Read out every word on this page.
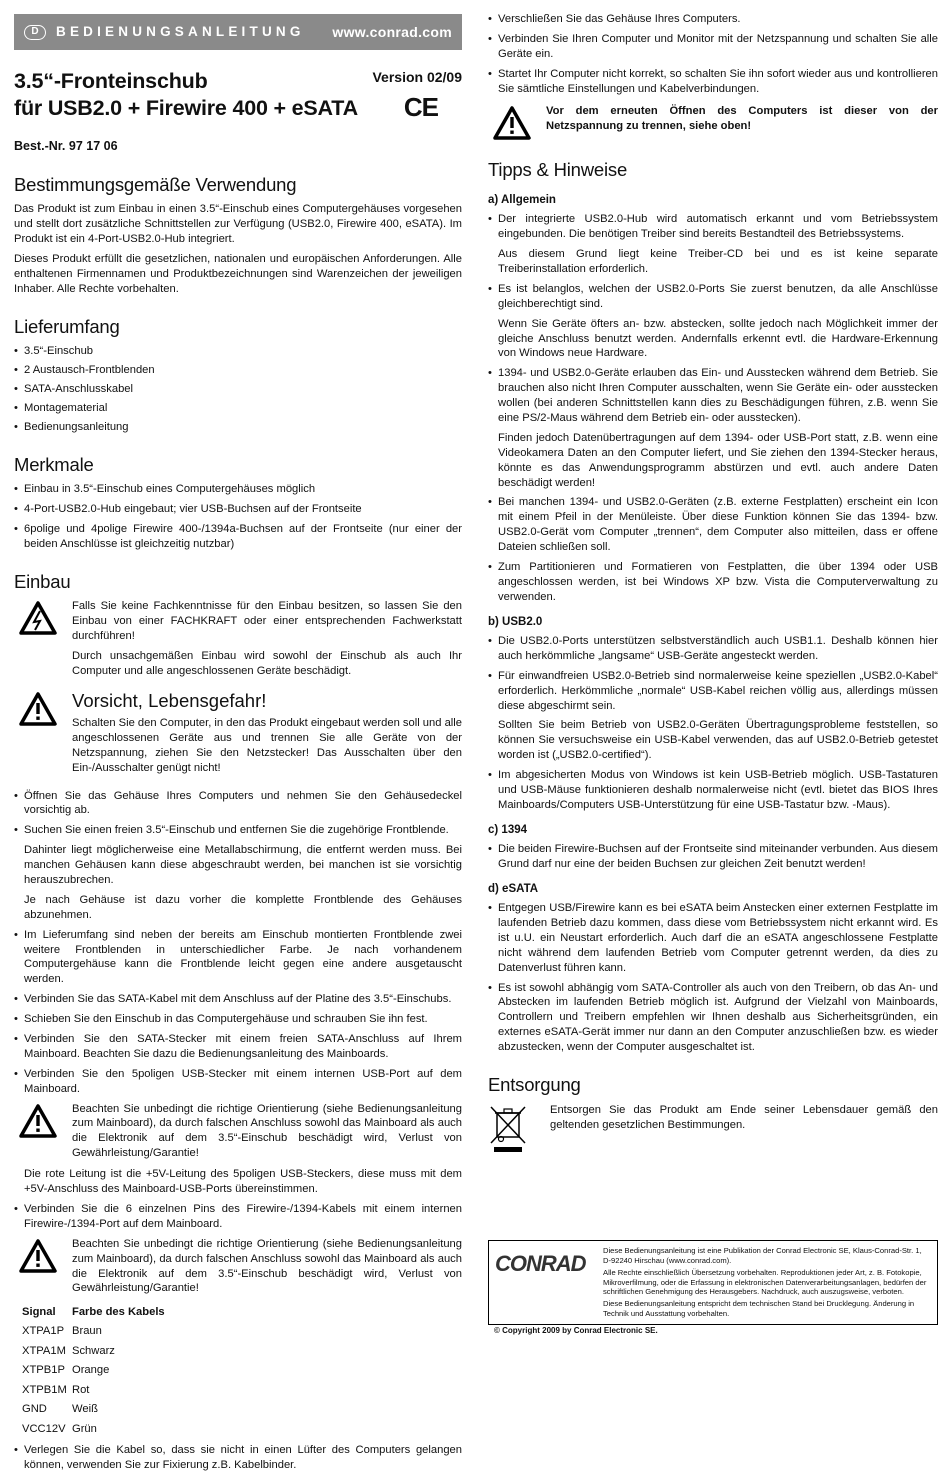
D	BEDIENUNGSANLEITUNG www.conrad.com
3.5“-Fronteinschub
für USB2.0 + Firewire 400 + eSATA
Version 02/09
CE
Best.-Nr. 97 17 06
Bestimmungsgemäße Verwendung

Das Produkt ist zum Einbau in einen 3.5“-Einschub eines Computergehäuses vorgesehen und stellt dort zusätzliche Schnittstellen zur Verfügung (USB2.0, Firewire 400, eSATA). Im Produkt ist ein 4-Port-USB2.0-Hub integriert.

Dieses Produkt erfüllt die gesetzlichen, nationalen und europäischen Anforderungen. Alle enthaltenen Firmennamen und Produktbezeichnungen sind Warenzeichen der jeweiligen Inhaber. Alle Rechte vorbehalten.

Lieferumfang
• 3.5“-Einschub
• 2 Austausch-Frontblenden
• SATA-Anschlusskabel
• Montagematerial
• Bedienungsanleitung
Merkmale
• Einbau in 3.5“-Einschub eines Computergehäuses möglich
• 4-Port-USB2.0-Hub eingebaut; vier USB-Buchsen auf der Frontseite
• 6polige und 4polige Firewire 400-/1394a-Buchsen auf der Frontseite (nur einer der beiden Anschlüsse ist gleichzeitig nutzbar)
Einbau

Falls Sie keine Fachkenntnisse für den Einbau besitzen, so lassen Sie den Einbau von einer FACHKRAFT oder einer entsprechenden Fachwerkstatt durchführen!

Durch unsachgemäßen Einbau wird sowohl der Einschub als auch Ihr Computer und alle angeschlossenen Geräte beschädigt.

Vorsicht, Lebensgefahr!

Schalten Sie den Computer, in den das Produkt eingebaut werden soll und alle angeschlossenen Geräte aus und trennen Sie alle Geräte von der Netzspannung, ziehen Sie den Netzstecker! Das Ausschalten über den Ein-/Ausschalter genügt nicht!

• Öffnen Sie das Gehäuse Ihres Computers und nehmen Sie den Gehäusedeckel vorsichtig ab.
• Suchen Sie einen freien 3.5“-Einschub und entfernen Sie die zugehörige Frontblende.
Dahinter liegt möglicherweise eine Metallabschirmung, die entfernt werden muss. Bei manchen Gehäusen kann diese abgeschraubt werden, bei manchen ist sie vorsichtig herauszubrechen.
Je nach Gehäuse ist dazu vorher die komplette Frontblende des Gehäuses abzunehmen.
• Im Lieferumfang sind neben der bereits am Einschub montierten Frontblende zwei weitere Frontblenden in unterschiedlicher Farbe. Je nach vorhandenem Computergehäuse kann die Frontblende leicht gegen eine andere ausgetauscht werden.
• Verbinden Sie das SATA-Kabel mit dem Anschluss auf der Platine des 3.5“-Einschubs.
• Schieben Sie den Einschub in das Computergehäuse und schrauben Sie ihn fest.
• Verbinden Sie den SATA-Stecker mit einem freien SATA-Anschluss auf Ihrem Mainboard. Beachten Sie dazu die Bedienungsanleitung des Mainboards.
• Verbinden Sie den 5poligen USB-Stecker mit einem internen USB-Port auf dem Mainboard.
Beachten Sie unbedingt die richtige Orientierung (siehe Bedienungsanleitung zum Mainboard), da durch falschen Anschluss sowohl das Mainboard als auch die Elektronik auf dem 3.5“-Einschub beschädigt wird, Verlust von Gewährleistung/Garantie!
Die rote Leitung ist die +5V-Leitung des 5poligen USB-Steckers, diese muss mit dem +5V-Anschluss des Mainboard-USB-Ports übereinstimmen.
• Verbinden Sie die 6 einzelnen Pins des Firewire-/1394-Kabels mit einem internen Firewire-/1394-Port auf dem Mainboard.
Beachten Sie unbedingt die richtige Orientierung (siehe Bedienungsanleitung zum Mainboard), da durch falschen Anschluss sowohl das Mainboard als auch die Elektronik auf dem 3.5“-Einschub beschädigt wird, Verlust von Gewährleistung/Garantie!
Signal	Farbe des Kabels
XTPA1P	Braun
XTPA1M	Schwarz
XTPB1P	Orange
XTPB1M	Rot
GND	Weiß
VCC12V	Grün
• Verlegen Sie die Kabel so, dass sie nicht in einen Lüfter des Computers gelangen können, verwenden Sie zur Fixierung z.B. Kabelbinder.
• Verschließen Sie das Gehäuse Ihres Computers.
• Verbinden Sie Ihren Computer und Monitor mit der Netzspannung und schalten Sie alle Geräte ein.
• Startet Ihr Computer nicht korrekt, so schalten Sie ihn sofort wieder aus und kontrollieren Sie sämtliche Einstellungen und Kabelverbindungen.
Vor dem erneuten Öffnen des Computers ist dieser von der Netzspannung zu trennen, siehe oben!
Tipps & Hinweise
a) Allgemein
• Der integrierte USB2.0-Hub wird automatisch erkannt und vom Betriebssystem eingebunden. Die benötigen Treiber sind bereits Bestandteil des Betriebssystems.
Aus diesem Grund liegt keine Treiber-CD bei und es ist keine separate Treiberinstallation erforderlich.
• Es ist belanglos, welchen der USB2.0-Ports Sie zuerst benutzen, da alle Anschlüsse gleichberechtigt sind.
Wenn Sie Geräte öfters an- bzw. abstecken, sollte jedoch nach Möglichkeit immer der gleiche Anschluss benutzt werden. Andernfalls erkennt evtl. die Hardware-Erkennung von Windows neue Hardware.
• 1394- und USB2.0-Geräte erlauben das Ein- und Ausstecken während dem Betrieb. Sie brauchen also nicht Ihren Computer ausschalten, wenn Sie Geräte ein- oder ausstecken wollen (bei anderen Schnittstellen kann dies zu Beschädigungen führen, z.B. wenn Sie eine PS/2-Maus während dem Betrieb ein- oder ausstecken).
Finden jedoch Datenübertragungen auf dem 1394- oder USB-Port statt, z.B. wenn eine Videokamera Daten an den Computer liefert, und Sie ziehen den 1394-Stecker heraus, könnte es das Anwendungsprogramm abstürzen und evtl. auch andere Daten beschädigt werden!
• Bei manchen 1394- und USB2.0-Geräten (z.B. externe Festplatten) erscheint ein Icon mit einem Pfeil in der Menüleiste. Über diese Funktion können Sie das 1394- bzw. USB2.0-Gerät vom Computer „trennen“, dem Computer also mitteilen, dass er offene Dateien schließen soll.
• Zum Partitionieren und Formatieren von Festplatten, die über 1394 oder USB angeschlossen werden, ist bei Windows XP bzw. Vista die Computerverwaltung zu verwenden.
b) USB2.0
• Die USB2.0-Ports unterstützen selbstverständlich auch USB1.1. Deshalb können hier auch herkömmliche „langsame“ USB-Geräte angesteckt werden.
• Für einwandfreien USB2.0-Betrieb sind normalerweise keine speziellen „USB2.0-Kabel“ erforderlich. Herkömmliche „normale“ USB-Kabel reichen völlig aus, allerdings müssen diese abgeschirmt sein.
Sollten Sie beim Betrieb von USB2.0-Geräten Übertragungsprobleme feststellen, so können Sie versuchsweise ein USB-Kabel verwenden, das auf USB2.0-Betrieb getestet worden ist („USB2.0-certified“).
• Im abgesicherten Modus von Windows ist kein USB-Betrieb möglich. USB-Tastaturen und USB-Mäuse funktionieren deshalb normalerweise nicht (evtl. bietet das BIOS Ihres Mainboards/Computers USB-Unterstützung für eine USB-Tastatur bzw. -Maus).
c) 1394
• Die beiden Firewire-Buchsen auf der Frontseite sind miteinander verbunden. Aus diesem Grund darf nur eine der beiden Buchsen zur gleichen Zeit benutzt werden!
d) eSATA
• Entgegen USB/Firewire kann es bei eSATA beim Anstecken einer externen Festplatte im laufenden Betrieb dazu kommen, dass diese vom Betriebssystem nicht erkannt wird. Es ist u.U. ein Neustart erforderlich. Auch darf die an eSATA angeschlossene Festplatte nicht während dem laufenden Betrieb vom Computer getrennt werden, da dies zu Datenverlust führen kann.
• Es ist sowohl abhängig vom SATA-Controller als auch von den Treibern, ob das An- und Abstecken im laufenden Betrieb möglich ist. Aufgrund der Vielzahl von Mainboards, Controllern und Treibern empfehlen wir Ihnen deshalb aus Sicherheitsgründen, ein externes eSATA-Gerät immer nur dann an den Computer anzuschließen bzw. es wieder abzustecken, wenn der Computer ausgeschaltet ist.
Entsorgung

Entsorgen Sie das Produkt am Ende seiner Lebensdauer gemäß den geltenden gesetzlichen Bestimmungen.

CONRAD
Diese Bedienungsanleitung ist eine Publikation der Conrad Electronic SE, Klaus-Conrad-Str. 1, D-92240 Hirschau (www.conrad.com).
Alle Rechte einschließlich Übersetzung vorbehalten. Reproduktionen jeder Art, z. B. Fotokopie, Mikroverfilmung, oder die Erfassung in elektronischen Datenverarbeitungsanlagen, bedürfen der schriftlichen Genehmigung des Herausgebers. Nachdruck, auch auszugsweise, verboten.
Diese Bedienungsanleitung entspricht dem technischen Stand bei Drucklegung. Änderung in Technik und Ausstattung vorbehalten.
© Copyright 2009 by Conrad Electronic SE.
